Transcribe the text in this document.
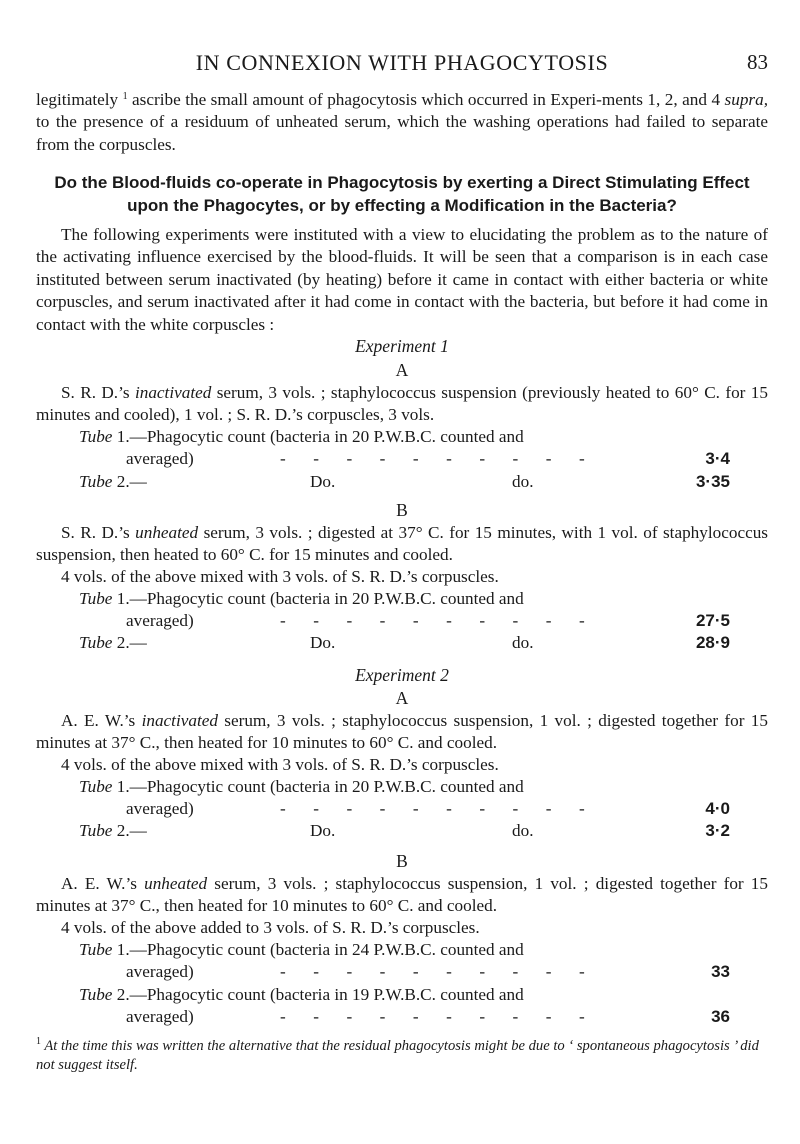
IN CONNEXION WITH PHAGOCYTOSIS	83

legitimately $^1$ ascribe the small amount of phagocytosis which occurred in Experi-ments 1, 2, and 4 supra, to the presence of a residuum of unheated serum, which the washing operations had failed to separate from the corpuscles.

Do the Blood-fluids co-operate in Phagocytosis by exerting a Direct Stimulating Effect upon the Phagocytes, or by effecting a Modification in the Bacteria?

The following experiments were instituted with a view to elucidating the problem as to the nature of the activating influence exercised by the blood-fluids. It will be seen that a comparison is in each case instituted between serum inactivated (by heating) before it came in contact with either bacteria or white corpuscles, and serum inactivated after it had come in contact with the bacteria, but before it had come in contact with the white corpuscles :

Experiment 1
A

S. R. D.’s inactivated serum, 3 vols. ; staphylococcus suspension (previously heated to 60° C. for 15 minutes and cooled), 1 vol. ; S. R. D.’s corpuscles, 3 vols.

Tube 1.—Phagocytic count (bacteria in 20 P.W.B.C. counted and
averaged)	- - - - - - - - - -	3·4
Tube 2.—	Do.	do.	3·35
B

S. R. D.’s unheated serum, 3 vols. ; digested at 37° C. for 15 minutes, with 1 vol. of staphylococcus suspension, then heated to 60° C. for 15 minutes and cooled.

4 vols. of the above mixed with 3 vols. of S. R. D.’s corpuscles.

Tube 1.—Phagocytic count (bacteria in 20 P.W.B.C. counted and
averaged)	- - - - - - - - - -	27·5
Tube 2.—	Do.	do.	28·9
Experiment 2
A

A. E. W.’s inactivated serum, 3 vols. ; staphylococcus suspension, 1 vol. ; digested together for 15 minutes at 37° C., then heated for 10 minutes to 60° C. and cooled.

4 vols. of the above mixed with 3 vols. of S. R. D.’s corpuscles.

Tube 1.—Phagocytic count (bacteria in 20 P.W.B.C. counted and
averaged)	- - - - - - - - - -	4·0
Tube 2.—	Do.	do.	3·2
B

A. E. W.’s unheated serum, 3 vols. ; staphylococcus suspension, 1 vol. ; digested together for 15 minutes at 37° C., then heated for 10 minutes to 60° C. and cooled.

4 vols. of the above added to 3 vols. of S. R. D.’s corpuscles.

Tube 1.—Phagocytic count (bacteria in 24 P.W.B.C. counted and
averaged)	- - - - - - - - - -	33
Tube 2.—Phagocytic count (bacteria in 19 P.W.B.C. counted and
averaged)	- - - - - - - - - -	36
$^1$ At the time this was written the alternative that the residual phagocytosis might be due to ‘ spontaneous phagocytosis ’ did not suggest itself.
